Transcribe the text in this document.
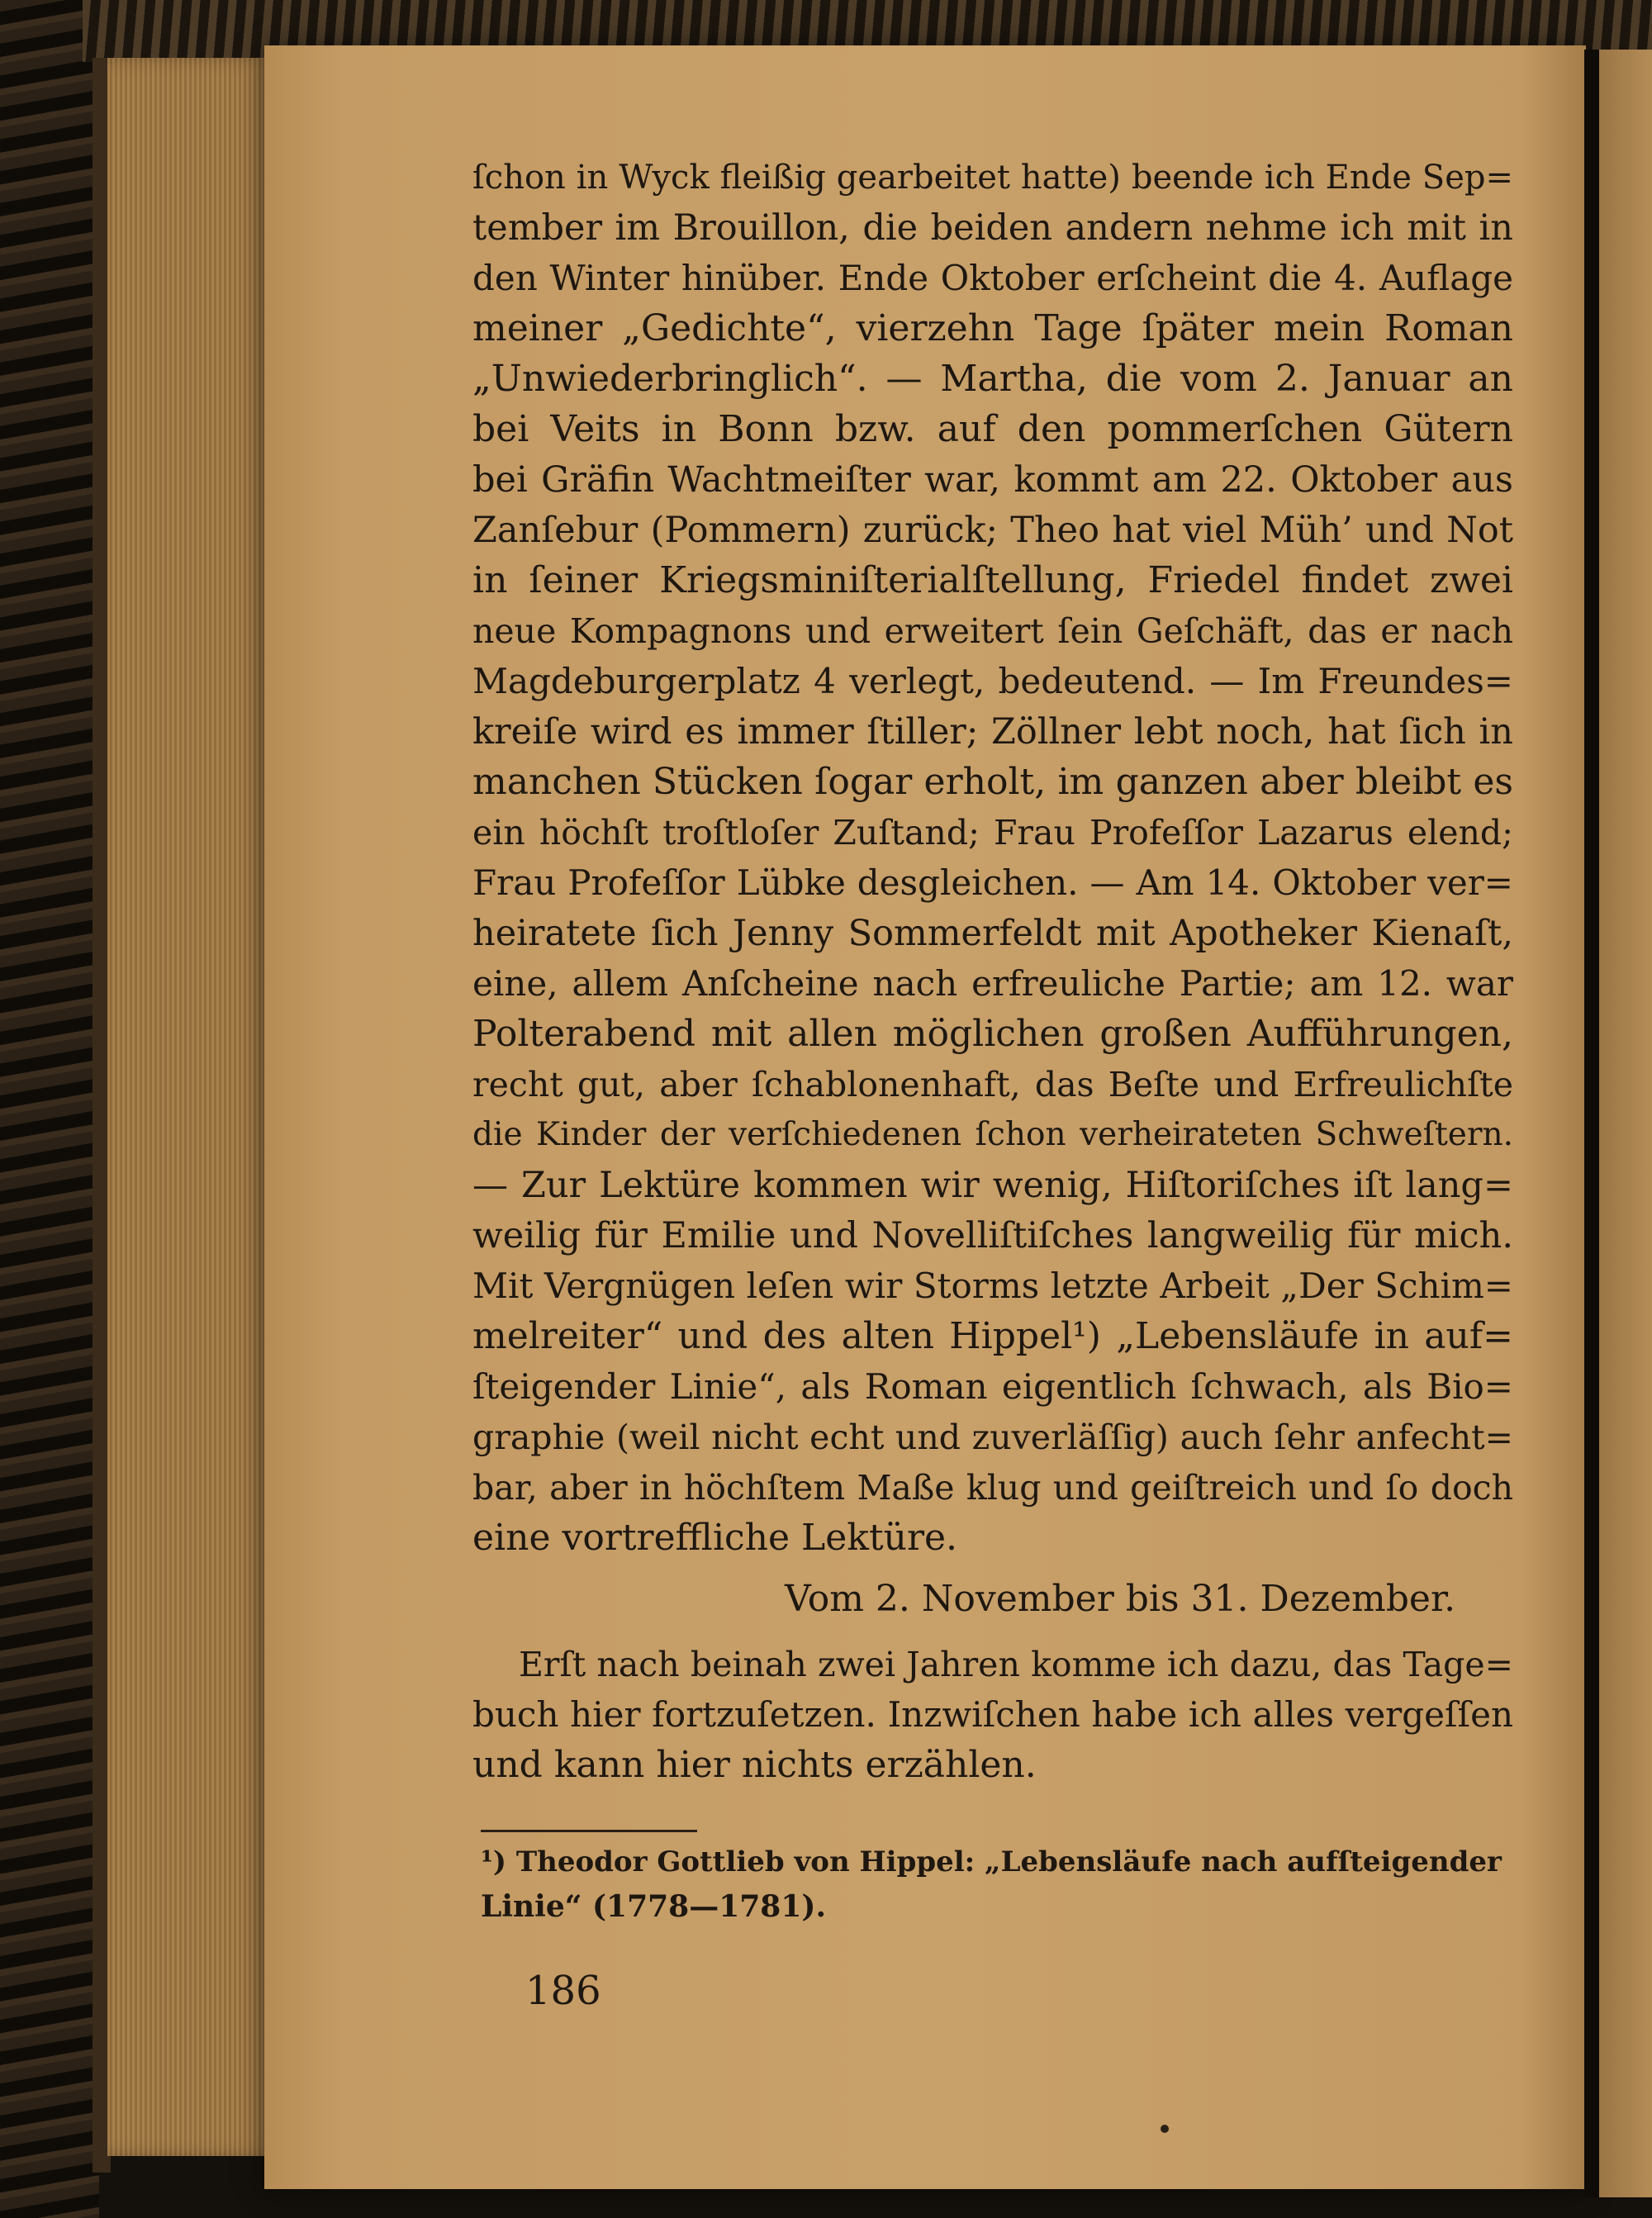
ſchon in Wyck fleißig gearbeitet hatte) beende ich Ende Sep=
tember im Brouillon, die beiden andern nehme ich mit in
den Winter hinüber. Ende Oktober erſcheint die 4. Auflage
meiner „Gedichte“, vierzehn Tage ſpäter mein Roman
„Unwiederbringlich“. — Martha, die vom 2. Januar an
bei Veits in Bonn bzw. auf den pommerſchen Gütern
bei Gräfin Wachtmeiſter war, kommt am 22. Oktober aus
Zanſebur (Pommern) zurück; Theo hat viel Müh’ und Not
in ſeiner Kriegsminiſterialſtellung, Friedel findet zwei
neue Kompagnons und erweitert ſein Geſchäft, das er nach
Magdeburgerplatz 4 verlegt, bedeutend. — Im Freundes=
kreiſe wird es immer ſtiller; Zöllner lebt noch, hat ſich in
manchen Stücken ſogar erholt, im ganzen aber bleibt es
ein höchſt troſtloſer Zuſtand; Frau Profeſſor Lazarus elend;
Frau Profeſſor Lübke desgleichen. — Am 14. Oktober ver=
heiratete ſich Jenny Sommerfeldt mit Apotheker Kienaſt,
eine, allem Anſcheine nach erfreuliche Partie; am 12. war
Polterabend mit allen möglichen großen Aufführungen,
recht gut, aber ſchablonenhaft, das Beſte und Erfreulichſte
die Kinder der verſchiedenen ſchon verheirateten Schweſtern.
— Zur Lektüre kommen wir wenig, Hiſtoriſches iſt lang=
weilig für Emilie und Novelliſtiſches langweilig für mich.
Mit Vergnügen leſen wir Storms letzte Arbeit „Der Schim=
melreiter“ und des alten Hippel¹) „Lebensläufe in auf=
ſteigender Linie“, als Roman eigentlich ſchwach, als Bio=
graphie (weil nicht echt und zuverläſſig) auch ſehr anfecht=
bar, aber in höchſtem Maße klug und geiſtreich und ſo doch
eine vortreffliche Lektüre.
Vom 2. November bis 31. Dezember.
Erſt nach beinah zwei Jahren komme ich dazu, das Tage=
buch hier fortzuſetzen. Inzwiſchen habe ich alles vergeſſen
und kann hier nichts erzählen.
¹) Theodor Gottlieb von Hippel: „Lebensläufe nach aufſteigender
Linie“ (1778—1781).
186
